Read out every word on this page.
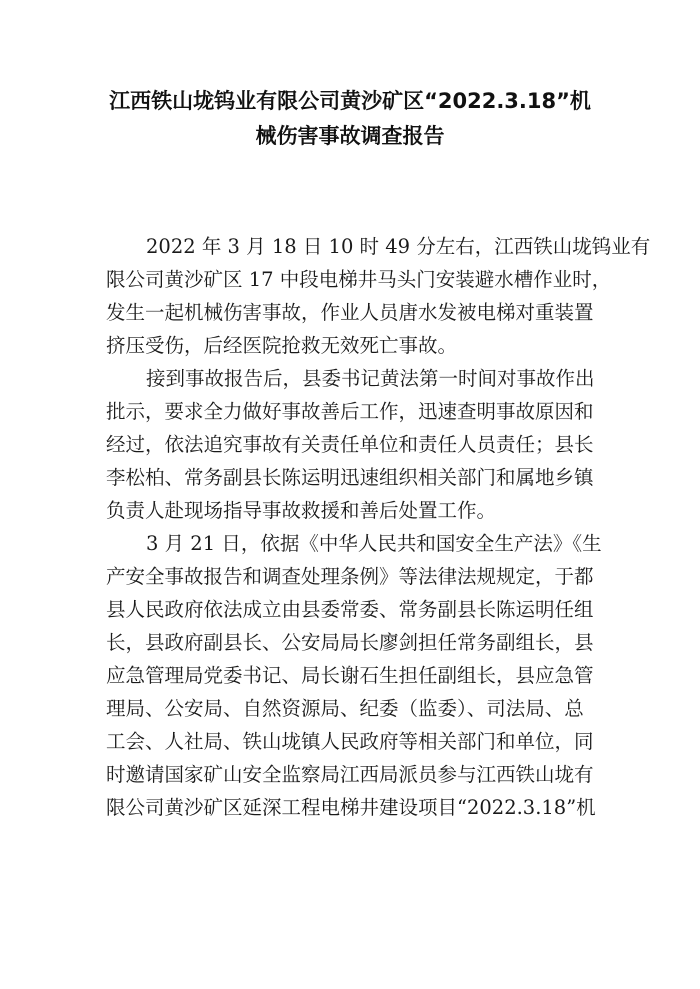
江西铁山垅钨业有限公司黄沙矿区“2022.3.18”机
械伤害事故调查报告

2022 年 3 月 18 日 10 时 49 分左右，江西铁山垅钨业有
限公司黄沙矿区 17 中段电梯井马头门安装避水槽作业时，
发生一起机械伤害事故，作业人员唐水发被电梯对重装置
挤压受伤，后经医院抢救无效死亡事故。

接到事故报告后，县委书记黄法第一时间对事故作出
批示，要求全力做好事故善后工作，迅速查明事故原因和
经过，依法追究事故有关责任单位和责任人员责任；县长
李松柏、常务副县长陈运明迅速组织相关部门和属地乡镇
负责人赴现场指导事故救援和善后处置工作。

3 月 21 日，依据《中华人民共和国安全生产法》《生
产安全事故报告和调查处理条例》等法律法规规定，于都
县人民政府依法成立由县委常委、常务副县长陈运明任组
长，县政府副县长、公安局局长廖剑担任常务副组长，县
应急管理局党委书记、局长谢石生担任副组长，县应急管
理局、公安局、自然资源局、纪委（监委）、司法局、总
工会、人社局、铁山垅镇人民政府等相关部门和单位，同
时邀请国家矿山安全监察局江西局派员参与江西铁山垅有
限公司黄沙矿区延深工程电梯井建设项目“2022.3.18”机
